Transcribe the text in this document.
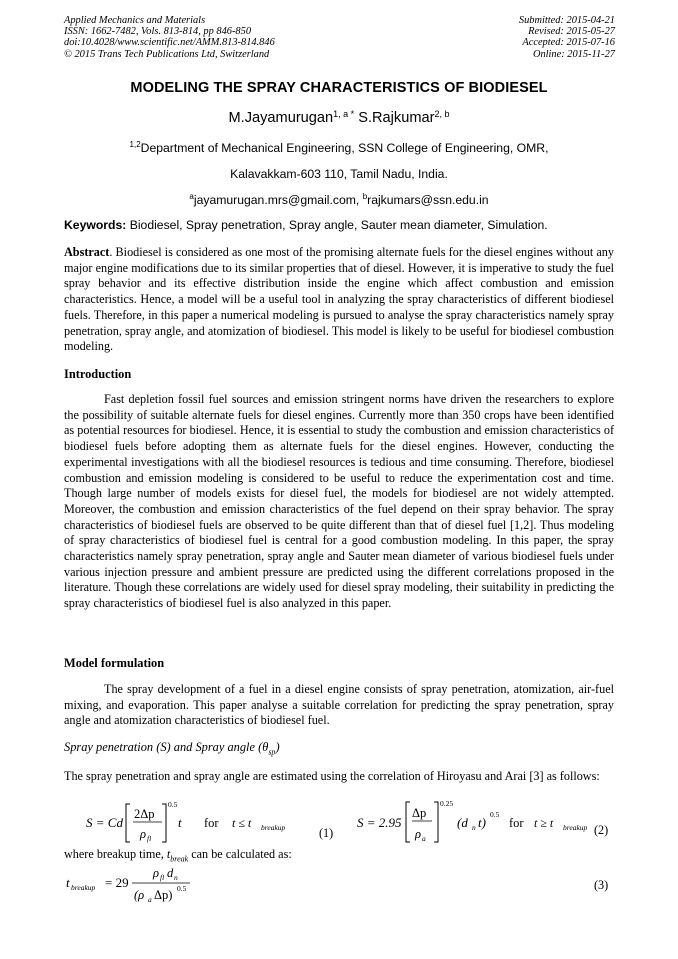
Applied Mechanics and Materials
ISSN: 1662-7482, Vols. 813-814, pp 846-850
doi:10.4028/www.scientific.net/AMM.813-814.846
© 2015 Trans Tech Publications Ltd, Switzerland
Submitted: 2015-04-21
Revised: 2015-05-27
Accepted: 2015-07-16
Online: 2015-11-27
MODELING THE SPRAY CHARACTERISTICS OF BIODIESEL
M.Jayamurugan$^{1, a *}$ S.Rajkumar$^{2, b}$
$^{1,2}$Department of Mechanical Engineering, SSN College of Engineering, OMR,
Kalavakkam-603 110, Tamil Nadu, India.
$^a$jayamurugan.mrs@gmail.com, $^b$rajkumars@ssn.edu.in
Keywords: Biodiesel, Spray penetration, Spray angle, Sauter mean diameter, Simulation.
Abstract. Biodiesel is considered as one most of the promising alternate fuels for the diesel engines without any major engine modifications due to its similar properties that of diesel. However, it is imperative to study the fuel spray behavior and its effective distribution inside the engine which affect combustion and emission characteristics. Hence, a model will be a useful tool in analyzing the spray characteristics of different biodiesel fuels. Therefore, in this paper a numerical modeling is pursued to analyse the spray characteristics namely spray penetration, spray angle, and atomization of biodiesel. This model is likely to be useful for biodiesel combustion modeling.
Introduction
Fast depletion fossil fuel sources and emission stringent norms have driven the researchers to explore the possibility of suitable alternate fuels for diesel engines. Currently more than 350 crops have been identified as potential resources for biodiesel. Hence, it is essential to study the combustion and emission characteristics of biodiesel fuels before adopting them as alternate fuels for the diesel engines. However, conducting the experimental investigations with all the biodiesel resources is tedious and time consuming. Therefore, biodiesel combustion and emission modeling is considered to be useful to reduce the experimentation cost and time. Though large number of models exists for diesel fuel, the models for biodiesel are not widely attempted. Moreover, the combustion and emission characteristics of the fuel depend on their spray behavior. The spray characteristics of biodiesel fuels are observed to be quite different than that of diesel fuel [1,2]. Thus modeling of spray characteristics of biodiesel fuel is central for a good combustion modeling. In this paper, the spray characteristics namely spray penetration, spray angle and Sauter mean diameter of various biodiesel fuels under various injection pressure and ambient pressure are predicted using the different correlations proposed in the literature. Though these correlations are widely used for diesel spray modeling, their suitability in predicting the spray characteristics of biodiesel fuel is also analyzed in this paper.
Model formulation
The spray development of a fuel in a diesel engine consists of spray penetration, atomization, air-fuel mixing, and evaporation. This paper analyse a suitable correlation for predicting the spray penetration, spray angle and atomization characteristics of biodiesel fuel.
Spray penetration (S) and Spray angle $(\theta_{sp})$
The spray penetration and spray angle are estimated using the correlation of Hiroyasu and Arai [3] as follows:
S = Cd
2Δp
ρ fl
0.5
t for t ≤ t breakup	(1)
S = 2.95
Δp
ρ a
0.25
(d n t)
0.5
for t ≥ t breakup (2)
where breakup time, $t_{break}$ can be calculated as:
t breakup = 29
ρ fl d n
(ρ a Δp) 0.5	(3)
